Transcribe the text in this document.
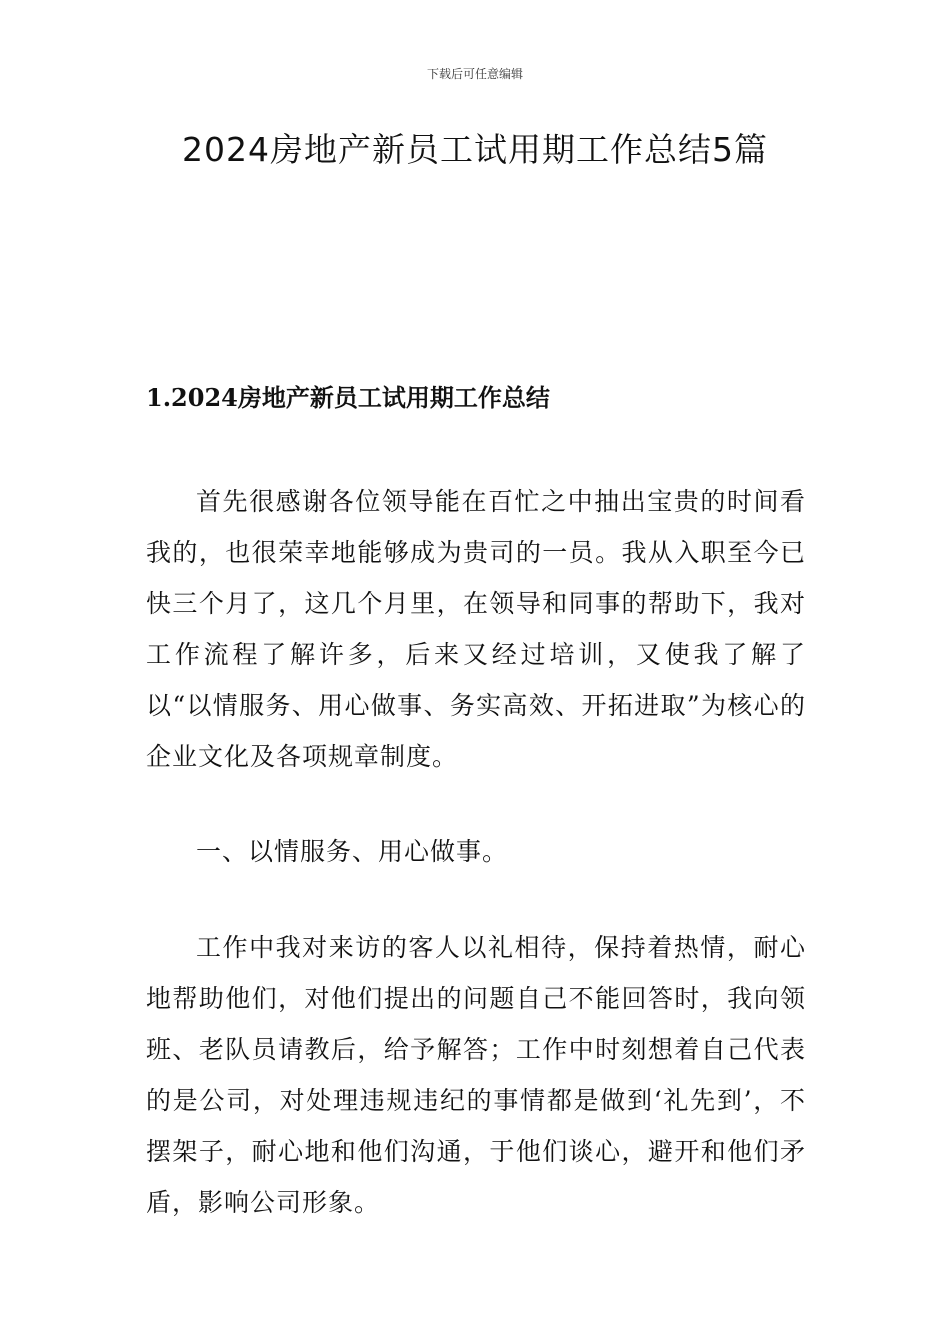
下载后可任意编辑
2024房地产新员工试用期工作总结5篇
1.2024房地产新员工试用期工作总结

首先很感谢各位领导能在百忙之中抽出宝贵的时间看我的，也很荣幸地能够成为贵司的一员。我从入职至今已快三个月了，这几个月里，在领导和同事的帮助下，我对工作流程了解许多，后来又经过培训，又使我了解了以“以情服务、用心做事、务实高效、开拓进取”为核心的企业文化及各项规章制度。

一、以情服务、用心做事。

工作中我对来访的客人以礼相待，保持着热情，耐心地帮助他们，对他们提出的问题自己不能回答时，我向领班、老队员请教后，给予解答；工作中时刻想着自己代表的是公司，对处理违规违纪的事情都是做到‘礼先到’，不摆架子，耐心地和他们沟通，于他们谈心，避开和他们矛盾，影响公司形象。
